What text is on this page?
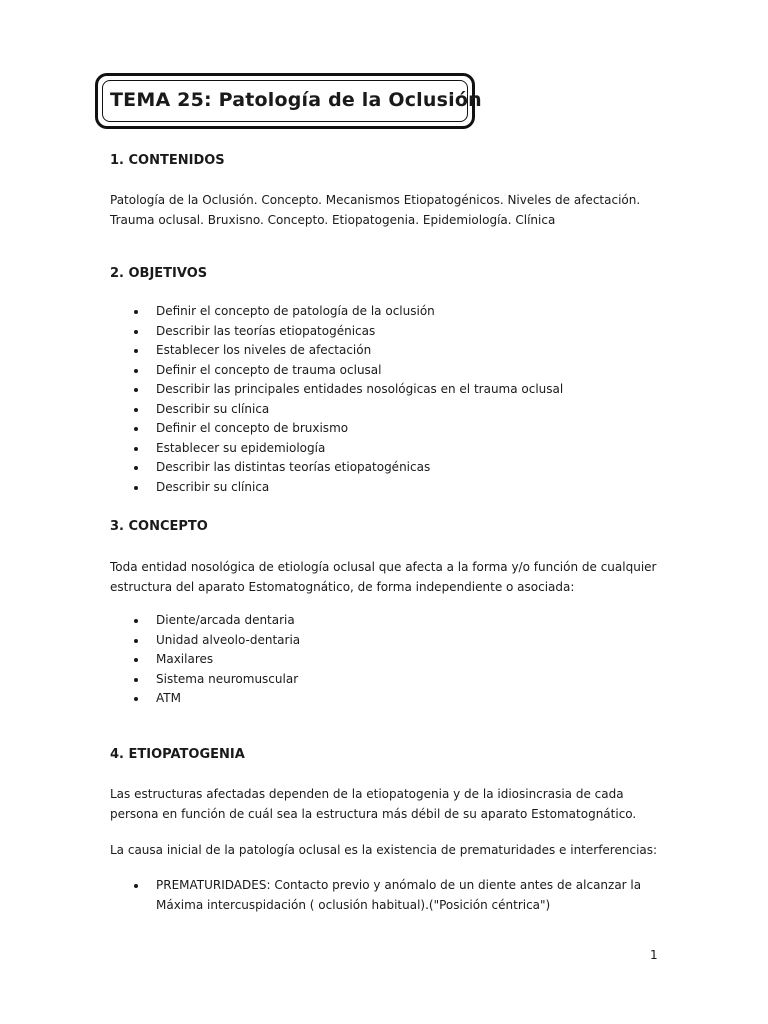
TEMA 25: Patología de la Oclusión
1. CONTENIDOS
Patología de la Oclusión. Concepto. Mecanismos Etiopatogénicos. Niveles de afectación.
Trauma oclusal. Bruxisno. Concepto. Etiopatogenia. Epidemiología. Clínica
2. OBJETIVOS
Definir el concepto de patología de la oclusión
Describir las teorías etiopatogénicas
Establecer los niveles de afectación
Definir el concepto de trauma oclusal
Describir las principales entidades nosológicas en el trauma oclusal
Describir su clínica
Definir el concepto de bruxismo
Establecer su epidemiología
Describir las distintas teorías etiopatogénicas
Describir su clínica
3. CONCEPTO
Toda entidad nosológica de etiología oclusal que afecta a la forma y/o función de cualquier
estructura del aparato Estomatognático, de forma independiente o asociada:
Diente/arcada dentaria
Unidad alveolo-dentaria
Maxilares
Sistema neuromuscular
ATM
4. ETIOPATOGENIA
Las estructuras afectadas dependen de la etiopatogenia y de la idiosincrasia de cada
persona en función de cuál sea la estructura más débil de su aparato Estomatognático.
La causa inicial de la patología oclusal es la existencia de prematuridades e interferencias:
PREMATURIDADES: Contacto previo y anómalo de un diente antes de alcanzar la
Máxima intercuspidación ( oclusión habitual).("Posición céntrica")
1
